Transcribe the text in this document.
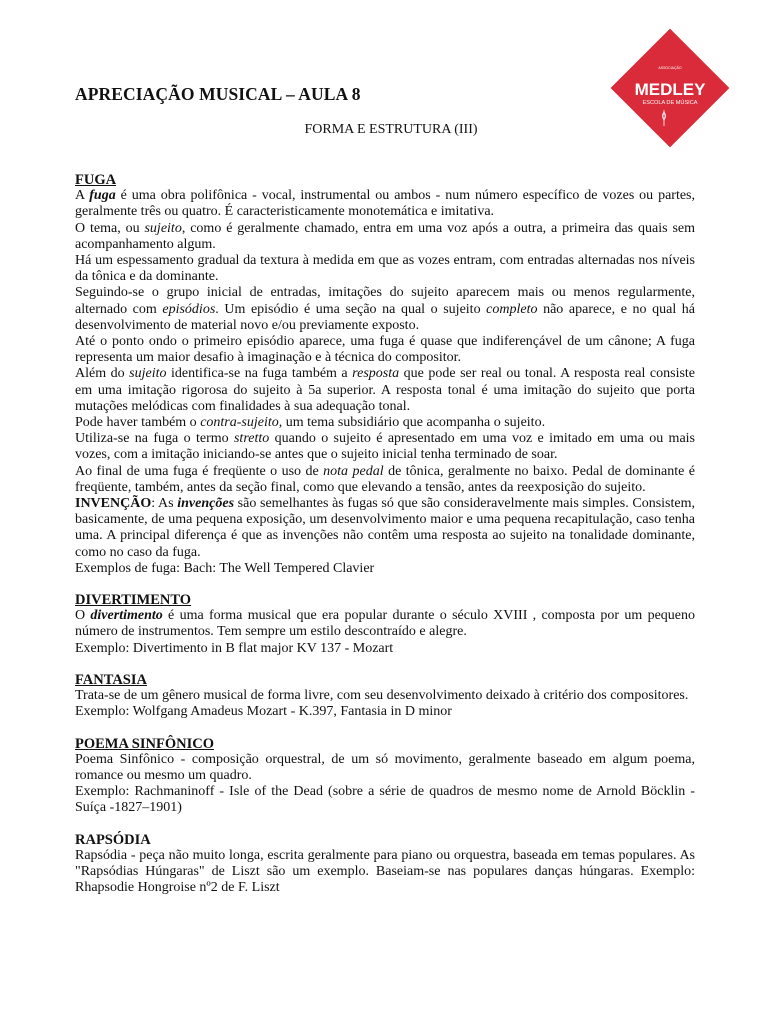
ASSOCIAÇÃO
MEDLEY
ESCOLA DE MÚSICA
APRECIAÇÃO MUSICAL – AULA 8
FORMA E ESTRUTURA (III)
FUGA

A fuga é uma obra polifônica - vocal, instrumental ou ambos - num número específico de vozes ou partes, geralmente três ou quatro. É caracteristicamente monotemática e imitativa.

O tema, ou sujeito, como é geralmente chamado, entra em uma voz após a outra, a primeira das quais sem acompanhamento algum.

Há um espessamento gradual da textura à medida em que as vozes entram, com entradas alternadas nos níveis da tônica e da dominante.

Seguindo-se o grupo inicial de entradas, imitações do sujeito aparecem mais ou menos regularmente, alternado com episódios. Um episódio é uma seção na qual o sujeito completo não aparece, e no qual há desenvolvimento de material novo e/ou previamente exposto.

Até o ponto ondo o primeiro episódio aparece, uma fuga é quase que indiferençável de um cânone; A fuga representa um maior desafio à imaginação e à técnica do compositor.

Além do sujeito identifica-se na fuga também a resposta que pode ser real ou tonal. A resposta real consiste em uma imitação rigorosa do sujeito à 5a superior. A resposta tonal é uma imitação do sujeito que porta mutações melódicas com finalidades à sua adequação tonal.

Pode haver também o contra-sujeito, um tema subsidiário que acompanha o sujeito.

Utiliza-se na fuga o termo stretto quando o sujeito é apresentado em uma voz e imitado em uma ou mais vozes, com a imitação iniciando-se antes que o sujeito inicial tenha terminado de soar.

Ao final de uma fuga é freqüente o uso de nota pedal de tônica, geralmente no baixo. Pedal de dominante é freqüente, também, antes da seção final, como que elevando a tensão, antes da reexposição do sujeito.

INVENÇÃO: As invenções são semelhantes às fugas só que são consideravelmente mais simples. Consistem, basicamente, de uma pequena exposição, um desenvolvimento maior e uma pequena recapitulação, caso tenha uma. A principal diferença é que as invenções não contêm uma resposta ao sujeito na tonalidade dominante, como no caso da fuga.

Exemplos de fuga: Bach: The Well Tempered Clavier

DIVERTIMENTO

O divertimento é uma forma musical que era popular durante o século XVIII , composta por um pequeno número de instrumentos. Tem sempre um estilo descontraído e alegre.

Exemplo: Divertimento in B flat major KV 137 - Mozart

FANTASIA

Trata-se de um gênero musical de forma livre, com seu desenvolvimento deixado à critério dos compositores.

Exemplo: Wolfgang Amadeus Mozart - K.397, Fantasia in D minor

POEMA SINFÔNICO

Poema Sinfônico - composição orquestral, de um só movimento, geralmente baseado em algum poema, romance ou mesmo um quadro.

Exemplo: Rachmaninoff - Isle of the Dead (sobre a série de quadros de mesmo nome de Arnold Böcklin - Suíça -1827–1901)

RAPSÓDIA

Rapsódia - peça não muito longa, escrita geralmente para piano ou orquestra, baseada em temas populares. As "Rapsódias Húngaras" de Liszt são um exemplo. Baseiam-se nas populares danças húngaras. Exemplo: Rhapsodie Hongroise nº2 de F. Liszt
